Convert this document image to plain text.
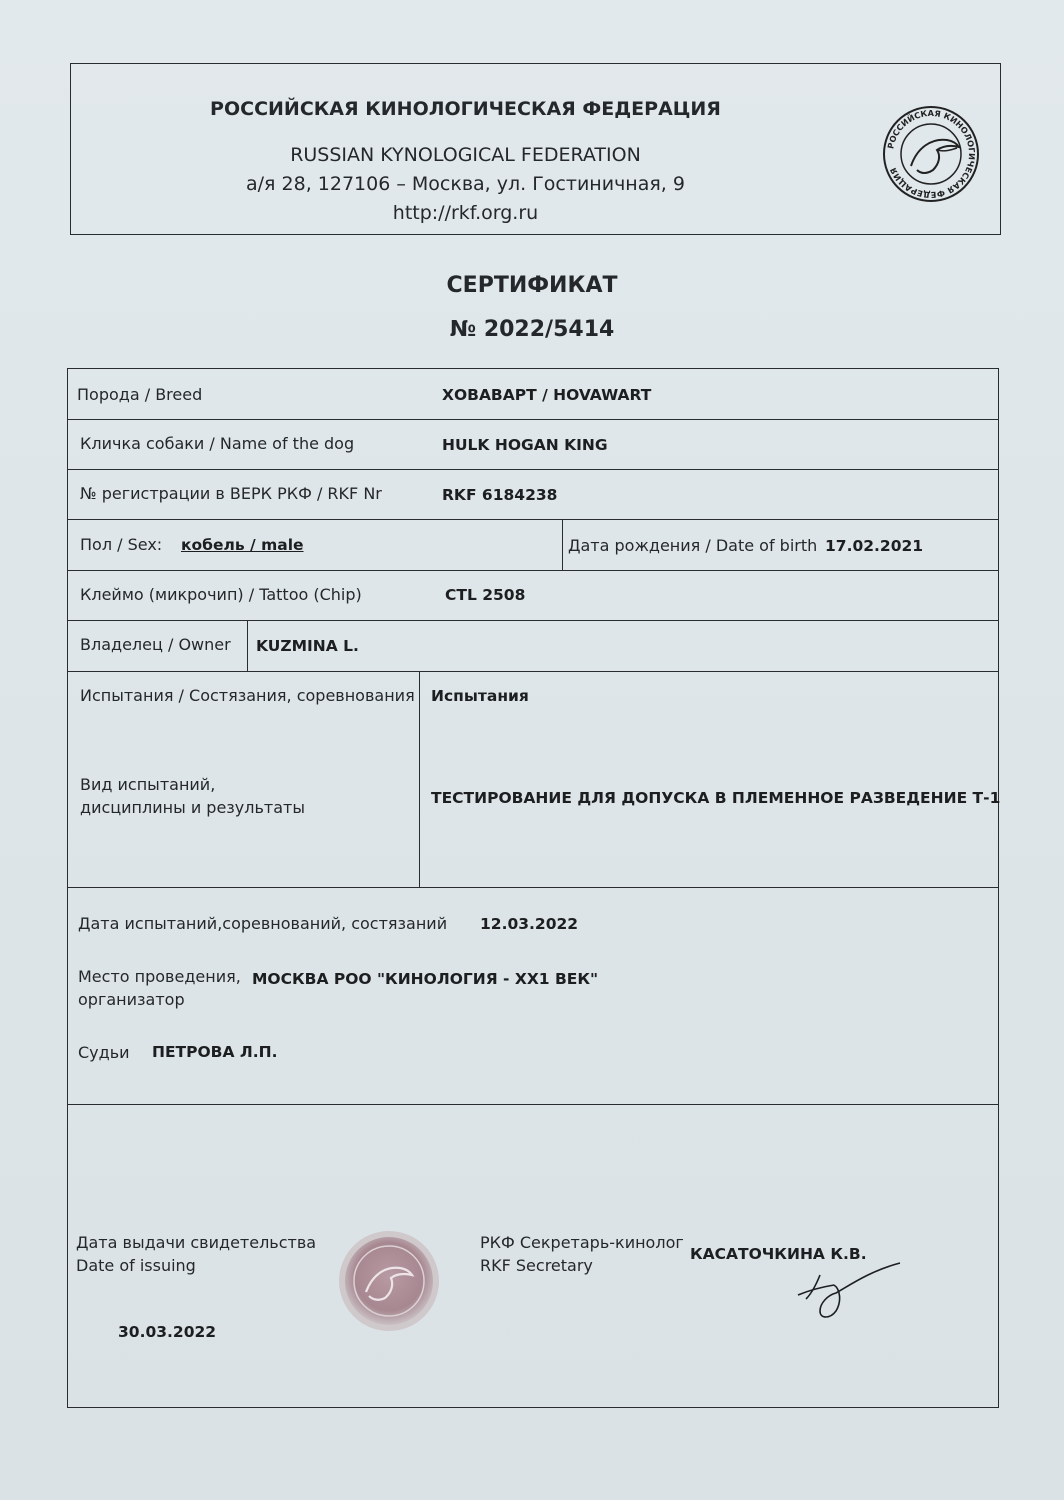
РОССИЙСКАЯ КИНОЛОГИЧЕСКАЯ ФЕДЕРАЦИЯ
RUSSIAN KYNOLOGICAL FEDERATION
а/я 28, 127106 – Москва, ул. Гостиничная, 9
http://rkf.org.ru
РОССИЙСКАЯ КИНОЛОГИЧЕСКАЯ ФЕДЕРАЦИЯ
СЕРТИФИКАТ
№ 2022/5414
Порода / Breed	ХОВАВАРТ / HOVAWART
Кличка собаки / Name of the dog	HULK HOGAN KING
№ регистрации в ВЕРК РКФ / RKF Nr	RKF 6184238
Пол / Sex: кобель / male	Дата рождения / Date of birth 17.02.2021
Клеймо (микрочип) / Tattoo (Chip)	CTL 2508
Владелец / Owner KUZMINA L.
Испытания / Состязания, соревнования Испытания
Вид испытаний,
дисциплины и результаты	ТЕСТИРОВАНИЕ ДЛЯ ДОПУСКА В ПЛЕМЕННОЕ РАЗВЕДЕНИЕ Т-1
Дата испытаний,соревнований, состязаний 12.03.2022
Место проведения,
организатор
МОСКВА РОО "КИНОЛОГИЯ - XX1 ВЕК"
Судьи ПЕТРОВА Л.П.
Дата выдачи свидетельства
Date of issuing
30.03.2022
РКФ Секретарь-кинолог
RKF Secretary
КАСАТОЧКИНА К.В.
